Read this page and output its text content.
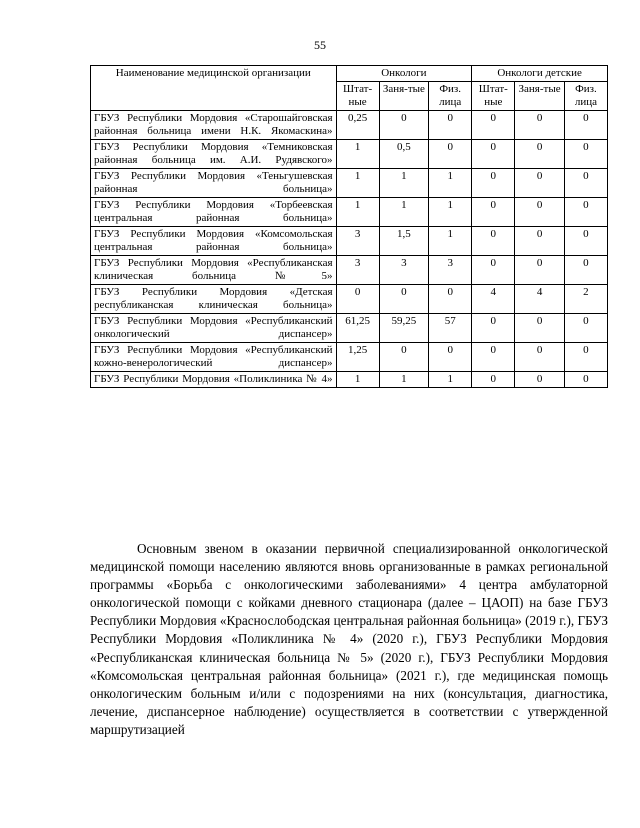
55
Наименование медицинской организации	Онкологи			Онкологи детские		
	Штат-ные	Заня-тые	Физ. лица	Штат-ные	Заня-тые	Физ. лица
ГБУЗ Республики Мордовия «Старошайговская районная больница имени Н.К. Якомаскина»	0,25	0	0	0	0	0
ГБУЗ Республики Мордовия «Темниковская районная больница им. А.И. Рудявского»	1	0,5	0	0	0	0
ГБУЗ Республики Мордовия «Теньгушевская районная больница»	1	1	1	0	0	0
ГБУЗ Республики Мордовия «Торбеевская центральная районная больница»	1	1	1	0	0	0
ГБУЗ Республики Мордовия «Комсомольская центральная районная больница»	3	1,5	1	0	0	0
ГБУЗ Республики Мордовия «Республиканская клиническая больница №5»	3	3	3	0	0	0
ГБУЗ Республики Мордовия «Детская республиканская клиническая больница»	0	0	0	4	4	2
ГБУЗ Республики Мордовия «Республиканский онкологический диспансер»	61,25	59,25	57	0	0	0
ГБУЗ Республики Мордовия «Республиканский кожно-венерологический диспансер»	1,25	0	0	0	0	0
ГБУЗ Республики Мордовия «Поликлиника № 4»	1	1	1	0	0	0

Основным звеном в оказании первичной специализированной онкологической медицинской помощи населению являются вновь организованные в рамках региональной программы «Борьба с онкологическими заболеваниями» 4 центра амбулаторной онкологической помощи с койками дневного стационара (далее – ЦАОП) на базе ГБУЗ Республики Мордовия «Краснослободская центральная районная больница» (2019 г.), ГБУЗ Республики Мордовия «Поликлиника № 4» (2020 г.), ГБУЗ Республики Мордовия «Республиканская клиническая больница № 5» (2020 г.), ГБУЗ Республики Мордовия «Комсомольская центральная районная больница» (2021 г.), где медицинская помощь онкологическим больным и/или с подозрениями на них (консультация, диагностика, лечение, диспансерное наблюдение) осуществляется в соответствии с утвержденной маршрутизацией
